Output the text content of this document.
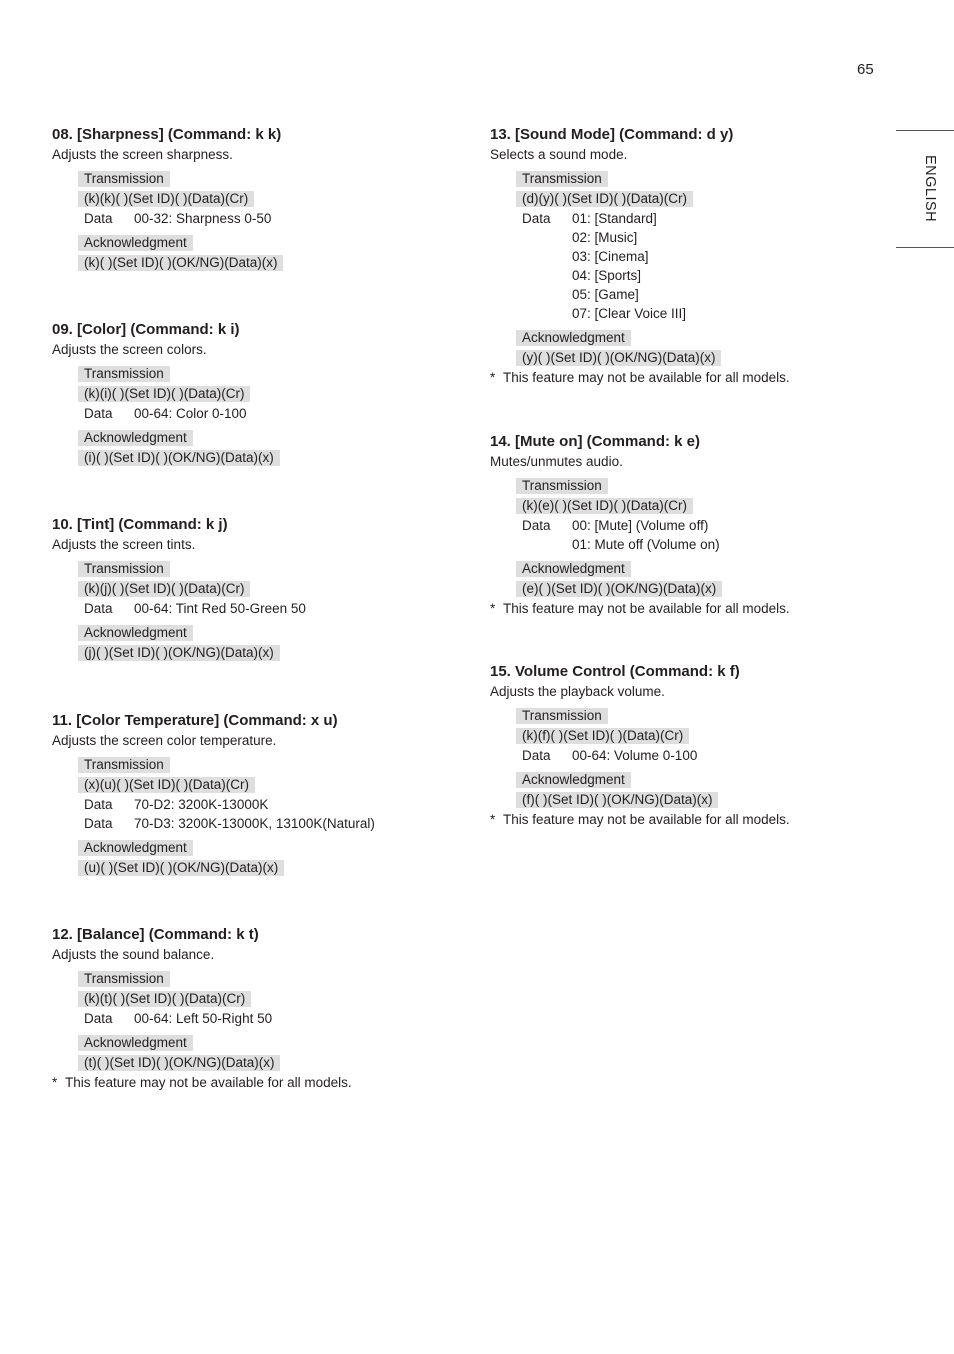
65
ENGLISH
08. [Sharpness] (Command: k k)
Adjusts the screen sharpness.
Transmission
(k)(k)( )(Set ID)( )(Data)(Cr)
Data	00-32: Sharpness 0-50
Acknowledgment
(k)( )(Set ID)( )(OK/NG)(Data)(x)
09. [Color] (Command: k i)
Adjusts the screen colors.
Transmission
(k)(i)( )(Set ID)( )(Data)(Cr)
Data	00-64: Color 0-100
Acknowledgment
(i)( )(Set ID)( )(OK/NG)(Data)(x)
10. [Tint] (Command: k j)
Adjusts the screen tints.
Transmission
(k)(j)( )(Set ID)( )(Data)(Cr)
Data	00-64: Tint Red 50-Green 50
Acknowledgment
(j)( )(Set ID)( )(OK/NG)(Data)(x)
11. [Color Temperature] (Command: x u)
Adjusts the screen color temperature.
Transmission
(x)(u)( )(Set ID)( )(Data)(Cr)
Data	70-D2: 3200K-13000K
Data	70-D3: 3200K-13000K, 13100K(Natural)
Acknowledgment
(u)( )(Set ID)( )(OK/NG)(Data)(x)
12. [Balance] (Command: k t)
Adjusts the sound balance.
Transmission
(k)(t)( )(Set ID)( )(Data)(Cr)
Data	00-64: Left 50-Right 50
Acknowledgment
(t)( )(Set ID)( )(OK/NG)(Data)(x)
* This feature may not be available for all models.
13. [Sound Mode] (Command: d y)
Selects a sound mode.
Transmission
(d)(y)( )(Set ID)( )(Data)(Cr)
Data	01: [Standard]
02: [Music]
03: [Cinema]
04: [Sports]
05: [Game]
07: [Clear Voice III]
Acknowledgment
(y)( )(Set ID)( )(OK/NG)(Data)(x)
* This feature may not be available for all models.
14. [Mute on] (Command: k e)
Mutes/unmutes audio.
Transmission
(k)(e)( )(Set ID)( )(Data)(Cr)
Data	00: [Mute] (Volume off)
01: Mute off (Volume on)
Acknowledgment
(e)( )(Set ID)( )(OK/NG)(Data)(x)
* This feature may not be available for all models.
15. Volume Control (Command: k f)
Adjusts the playback volume.
Transmission
(k)(f)( )(Set ID)( )(Data)(Cr)
Data	00-64: Volume 0-100
Acknowledgment
(f)( )(Set ID)( )(OK/NG)(Data)(x)
* This feature may not be available for all models.
